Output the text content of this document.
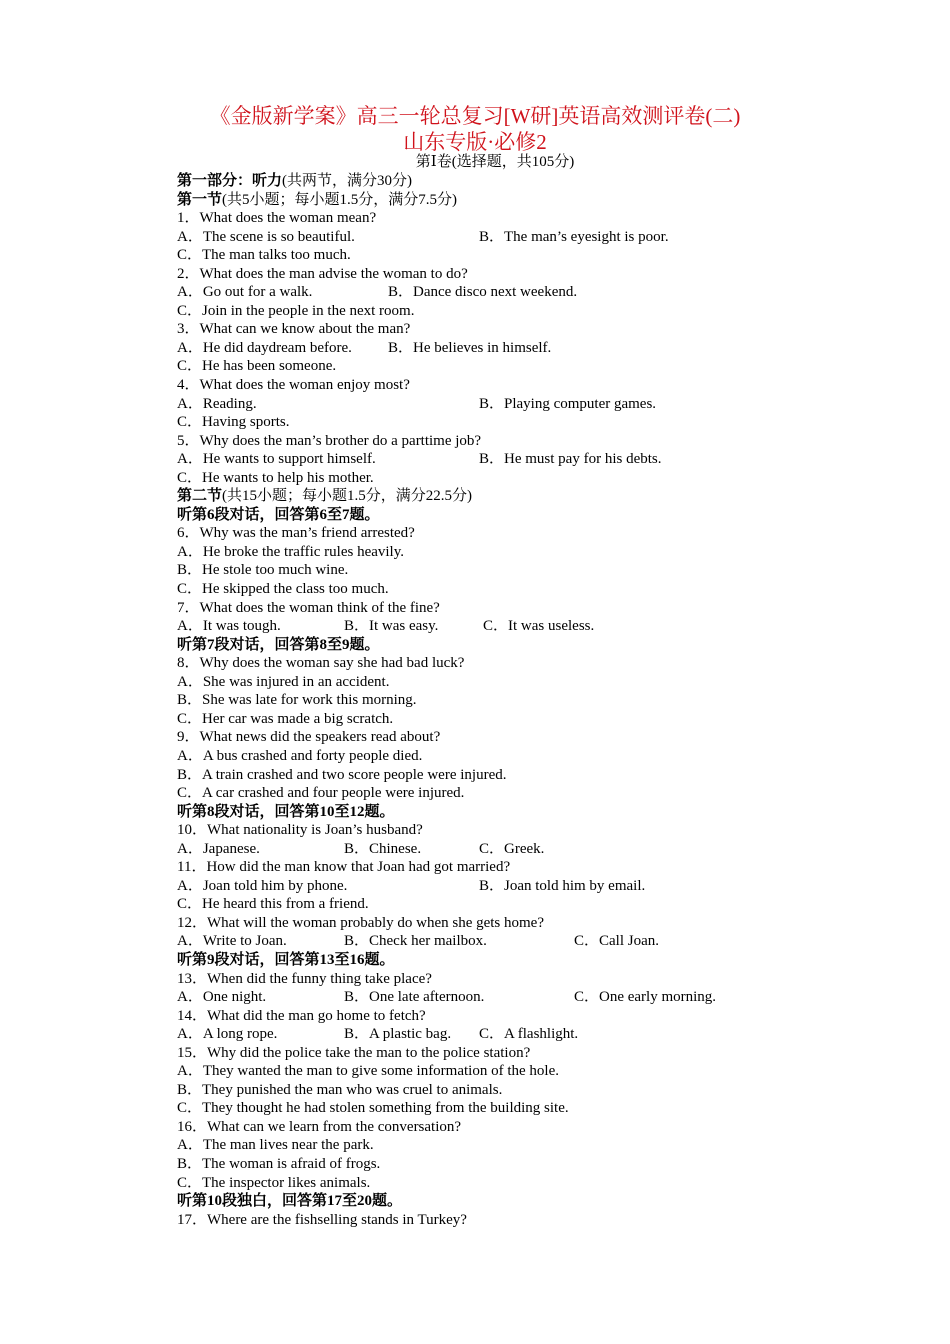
《金版新学案》高三一轮总复习[W研]英语高效测评卷(二)
山东专版·必修2
第Ⅰ卷(选择题，共105分)
第一部分：听力(共两节，满分30分)
第一节(共5小题；每小题1.5分，满分7.5分)
1．What does the woman mean?
A．The scene is so beautiful.	B．The man’s eyesight is poor.
C．The man talks too much.
2．What does the man advise the woman to do?
A．Go out for a walk.	B．Dance disco next weekend.
C．Join in the people in the next room.
3．What can we know about the man?
A．He did daydream before. B．He believes in himself.
C．He has been someone.
4．What does the woman enjoy most?
A．Reading.	B．Playing computer games.
C．Having sports.
5．Why does the man’s brother do a parttime job?
A．He wants to support himself.	B．He must pay for his debts.
C．He wants to help his mother.
第二节(共15小题；每小题1.5分，满分22.5分)
听第6段对话，回答第6至7题。
6．Why was the man’s friend arrested?
A．He broke the traffic rules heavily.
B．He stole too much wine.
C．He skipped the class too much.
7．What does the woman think of the fine?
A．It was tough.	B．It was easy.	C．It was useless.
听第7段对话，回答第8至9题。
8．Why does the woman say she had bad luck?
A．She was injured in an accident.
B．She was late for work this morning.
C．Her car was made a big scratch.
9．What news did the speakers read about?
A．A bus crashed and forty people died.
B．A train crashed and two score people were injured.
C．A car crashed and four people were injured.
听第8段对话，回答第10至12题。
10．What nationality is Joan’s husband?
A．Japanese.	B．Chinese.	C．Greek.
11．How did the man know that Joan had got married?
A．Joan told him by phone.	B．Joan told him by email.
C．He heard this from a friend.
12．What will the woman probably do when she gets home?
A．Write to Joan.	B．Check her mailbox.	C．Call Joan.
听第9段对话，回答第13至16题。
13．When did the funny thing take place?
A．One night.	B．One late afternoon.	C．One early morning.
14．What did the man go home to fetch?
A．A long rope.	B．A plastic bag. C．A flashlight.
15．Why did the police take the man to the police station?
A．They wanted the man to give some information of the hole.
B．They punished the man who was cruel to animals.
C．They thought he had stolen something from the building site.
16．What can we learn from the conversation?
A．The man lives near the park.
B．The woman is afraid of frogs.
C．The inspector likes animals.
听第10段独白，回答第17至20题。
17．Where are the fishselling stands in Turkey?
